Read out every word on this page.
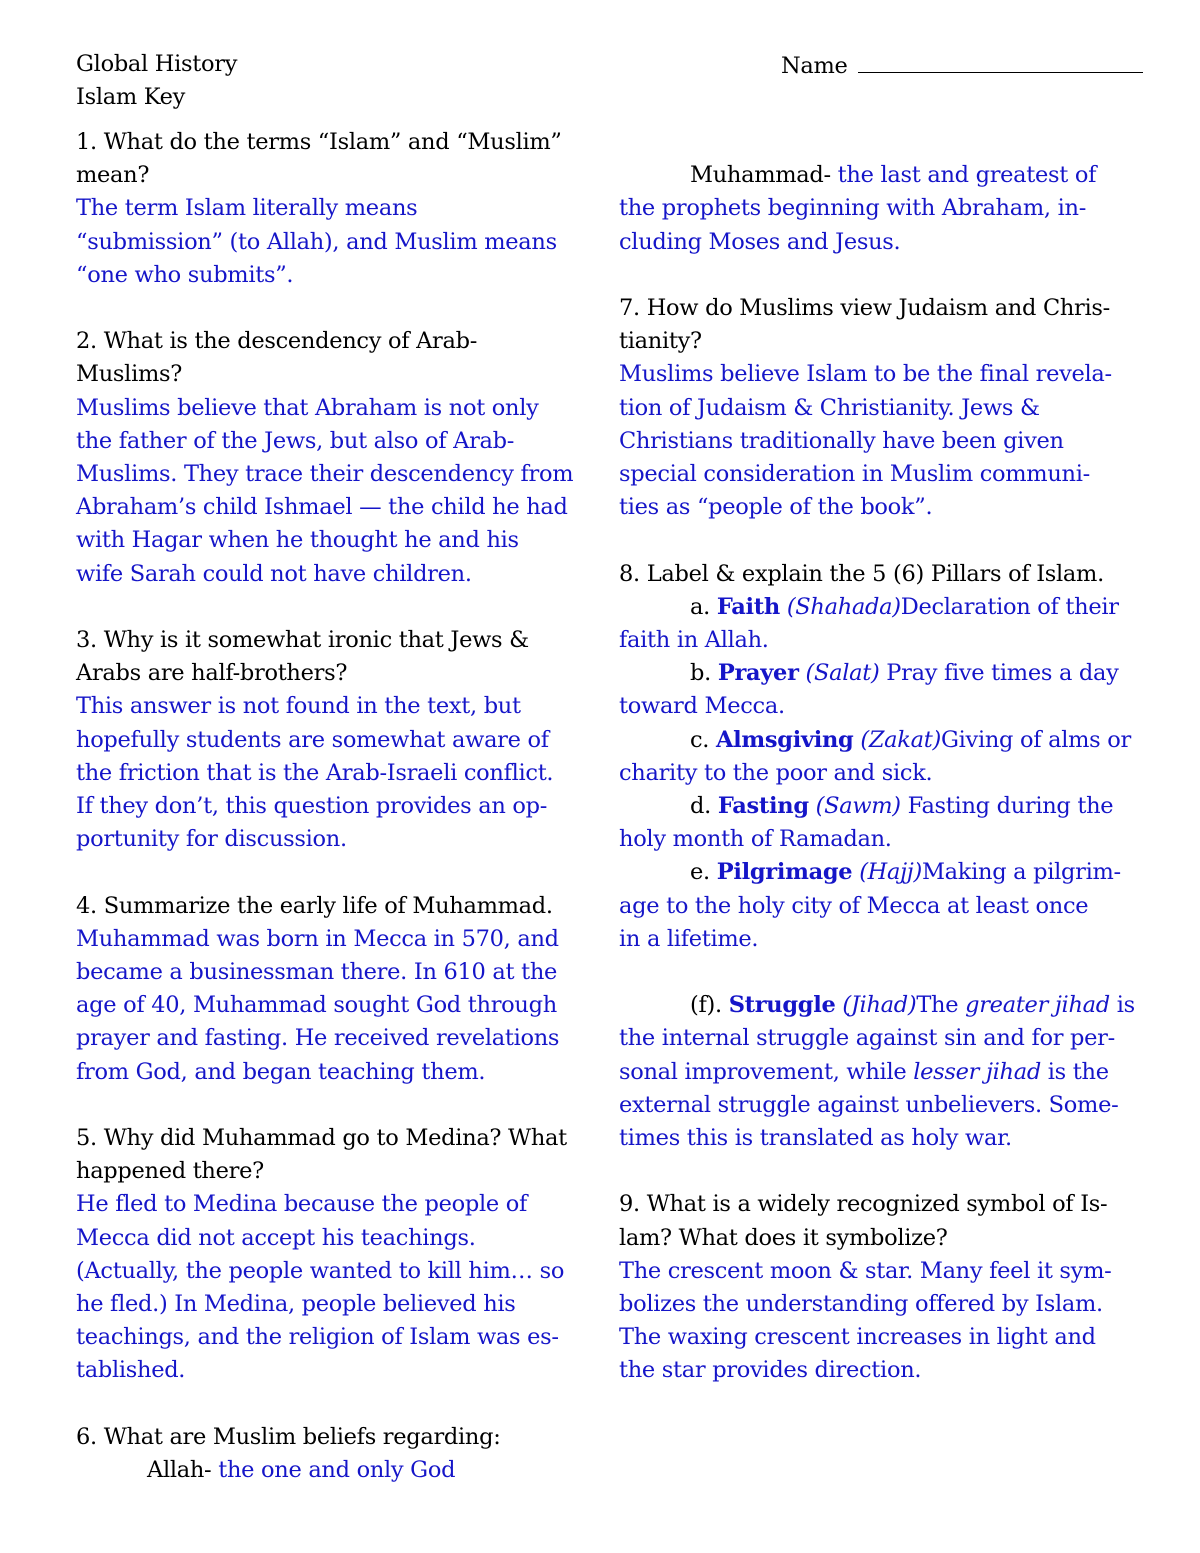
Global History
Islam Key
Name

1. What do the terms “Islam” and “Muslim”

mean?

The term Islam literally means

“submission” (to Allah), and Muslim means

“one who submits”.

2. What is the descendency of Arab-

Muslims?

Muslims believe that Abraham is not only

the father of the Jews, but also of Arab-

Muslims. They trace their descendency from

Abraham’s child Ishmael — the child he had

with Hagar when he thought he and his

wife Sarah could not have children.

3. Why is it somewhat ironic that Jews &

Arabs are half-brothers?

This answer is not found in the text, but

hopefully students are somewhat aware of

the friction that is the Arab-Israeli conflict.

If they don’t, this question provides an op-

portunity for discussion.

4. Summarize the early life of Muhammad.

Muhammad was born in Mecca in 570, and

became a businessman there. In 610 at the

age of 40, Muhammad sought God through

prayer and fasting. He received revelations

from God, and began teaching them.

5. Why did Muhammad go to Medina? What

happened there?

He fled to Medina because the people of

Mecca did not accept his teachings.

(Actually, the people wanted to kill him… so

he fled.) In Medina, people believed his

teachings, and the religion of Islam was es-

tablished.

6. What are Muslim beliefs regarding:

Allah- the one and only God

Muhammad- the last and greatest of

the prophets beginning with Abraham, in-

cluding Moses and Jesus.

7. How do Muslims view Judaism and Chris-

tianity?

Muslims believe Islam to be the final revela-

tion of Judaism & Christianity. Jews &

Christians traditionally have been given

special consideration in Muslim communi-

ties as “people of the book”.

8. Label & explain the 5 (6) Pillars of Islam.

a. Faith (Shahada)Declaration of their

faith in Allah.

b. Prayer (Salat) Pray five times a day

toward Mecca.

c. Almsgiving (Zakat)Giving of alms or

charity to the poor and sick.

d. Fasting (Sawm) Fasting during the

holy month of Ramadan.

e. Pilgrimage (Hajj)Making a pilgrim-

age to the holy city of Mecca at least once

in a lifetime.

(f). Struggle (Jihad)The greater jihad is

the internal struggle against sin and for per-

sonal improvement, while lesser jihad is the

external struggle against unbelievers. Some-

times this is translated as holy war.

9. What is a widely recognized symbol of Is-

lam? What does it symbolize?

The crescent moon & star. Many feel it sym-

bolizes the understanding offered by Islam.

The waxing crescent increases in light and

the star provides direction.
